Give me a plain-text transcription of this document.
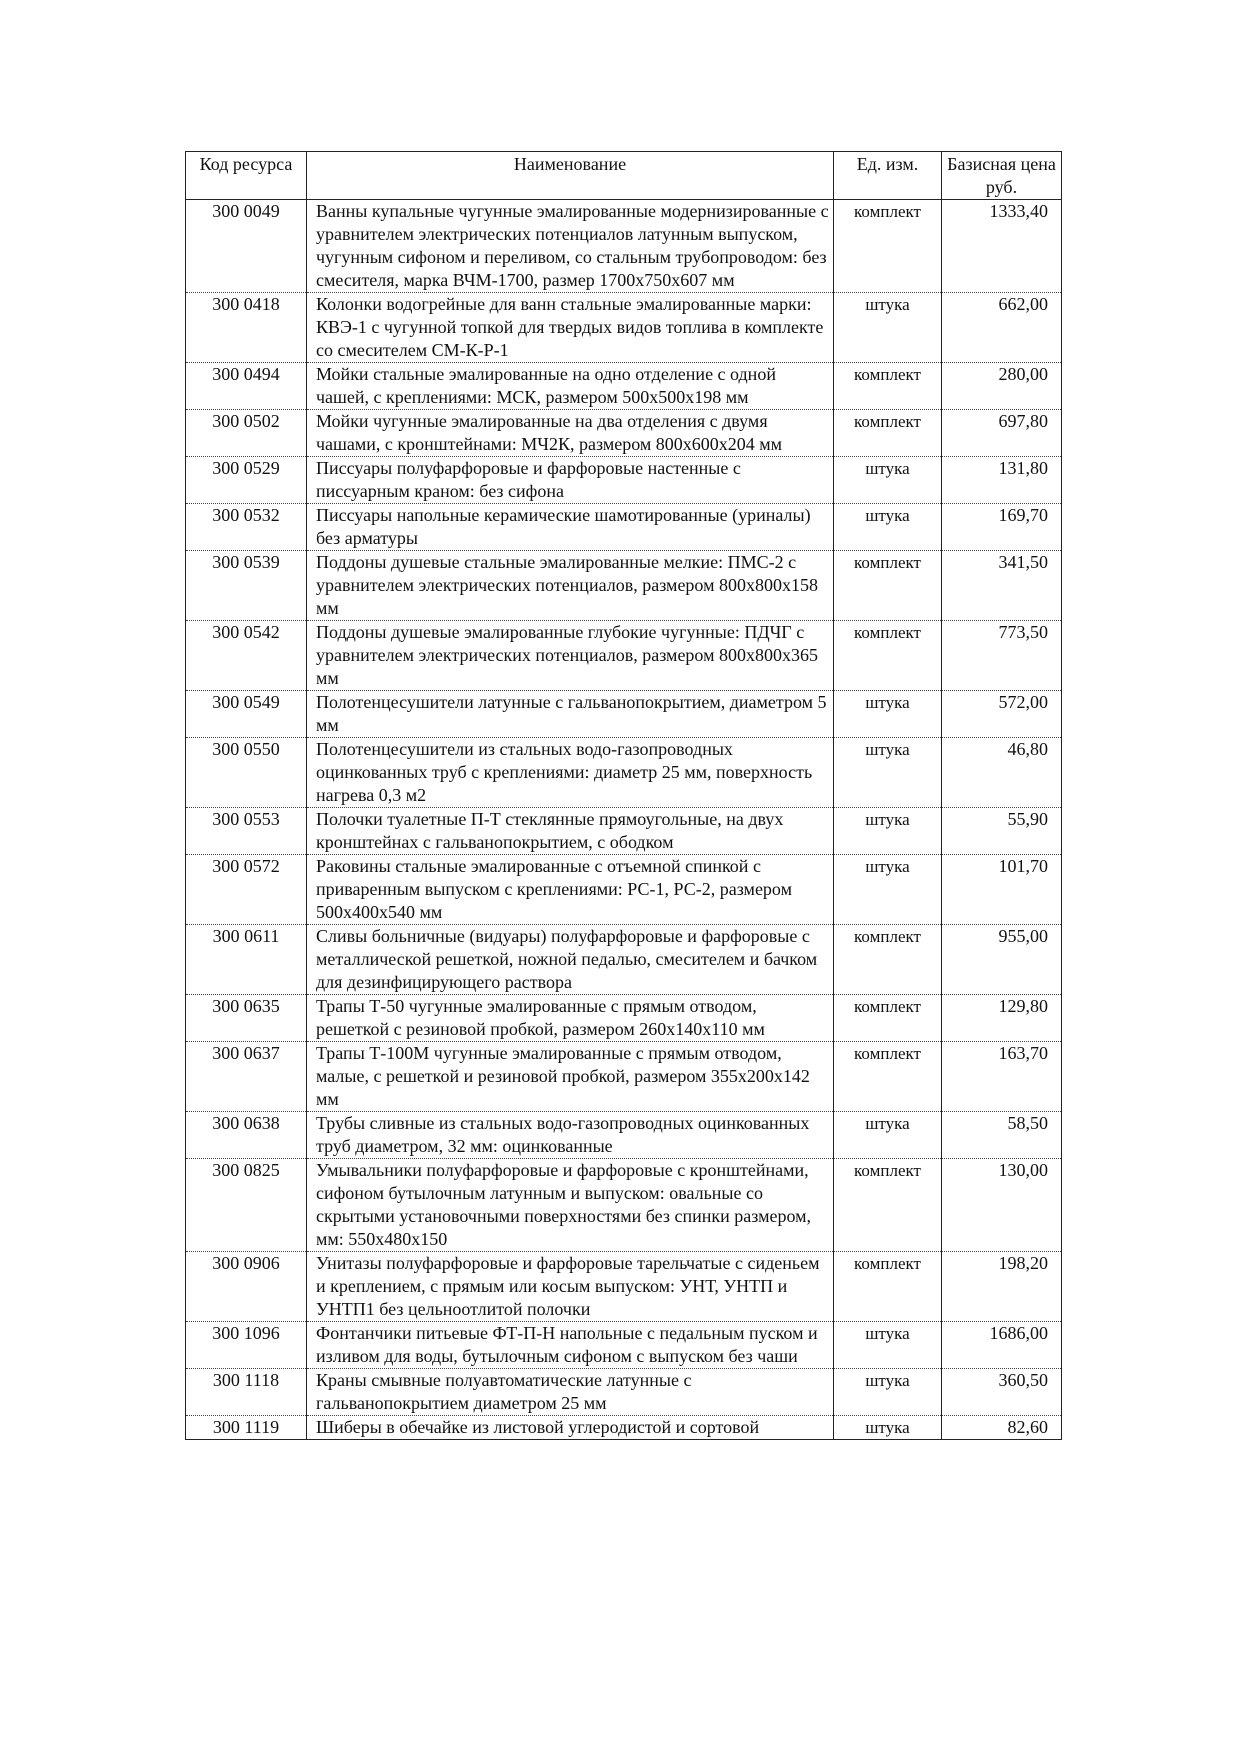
Код ресурса	Наименование	Ед. изм.	Базисная цена руб.
300 0049	Ванны купальные чугунные эмалированные модернизированные с уравнителем электрических потенциалов латунным выпуском, чугунным сифоном и переливом, со стальным трубопроводом: без смесителя, марка ВЧМ-1700, размер 1700х750х607 мм	комплект	1333,40
300 0418	Колонки водогрейные для ванн стальные эмалированные марки: КВЭ-1 с чугунной топкой для твердых видов топлива в комплекте со смесителем СМ-К-Р-1	штука	662,00
300 0494	Мойки стальные эмалированные на одно отделение с одной чашей, с креплениями: МСК, размером 500х500х198 мм	комплект	280,00
300 0502	Мойки чугунные эмалированные на два отделения с двумя чашами, с кронштейнами: МЧ2К, размером 800х600х204 мм	комплект	697,80
300 0529	Писсуары полуфарфоровые и фарфоровые настенные с писсуарным краном: без сифона	штука	131,80
300 0532	Писсуары напольные керамические шамотированные (уриналы) без арматуры	штука	169,70
300 0539	Поддоны душевые стальные эмалированные мелкие: ПМС-2 с уравнителем электрических потенциалов, размером 800х800х158 мм	комплект	341,50
300 0542	Поддоны душевые эмалированные глубокие чугунные: ПДЧГ с уравнителем электрических потенциалов, размером 800х800х365 мм	комплект	773,50
300 0549	Полотенцесушители латунные с гальванопокрытием, диаметром 5 мм	штука	572,00
300 0550	Полотенцесушители из стальных водо-газопроводных оцинкованных труб с креплениями: диаметр 25 мм, поверхность нагрева 0,3 м2	штука	46,80
300 0553	Полочки туалетные П-Т стеклянные прямоугольные, на двух кронштейнах с гальванопокрытием, с ободком	штука	55,90
300 0572	Раковины стальные эмалированные с отъемной спинкой с приваренным выпуском с креплениями: РС-1, РС-2, размером 500х400х540 мм	штука	101,70
300 0611	Сливы больничные (видуары) полуфарфоровые и фарфоровые с металлической решеткой, ножной педалью, смесителем и бачком для дезинфицирующего раствора	комплект	955,00
300 0635	Трапы Т-50 чугунные эмалированные с прямым отводом, решеткой с резиновой пробкой, размером 260х140х110 мм	комплект	129,80
300 0637	Трапы Т-100М чугунные эмалированные с прямым отводом, малые, с решеткой и резиновой пробкой, размером 355х200х142 мм	комплект	163,70
300 0638	Трубы сливные из стальных водо-газопроводных оцинкованных труб диаметром, 32 мм: оцинкованные	штука	58,50
300 0825	Умывальники полуфарфоровые и фарфоровые с кронштейнами, сифоном бутылочным латунным и выпуском: овальные со скрытыми установочными поверхностями без спинки размером, мм: 550х480х150	комплект	130,00
300 0906	Унитазы полуфарфоровые и фарфоровые тарельчатые с сиденьем и креплением, с прямым или косым выпуском: УНТ, УНТП и УНТП1 без цельноотлитой полочки	комплект	198,20
300 1096	Фонтанчики питьевые ФТ-П-Н напольные с педальным пуском и изливом для воды, бутылочным сифоном с выпуском без чаши	штука	1686,00
300 1118	Краны смывные полуавтоматические латунные с гальванопокрытием диаметром 25 мм	штука	360,50
300 1119	Шиберы в обечайке из листовой углеродистой и сортовой	штука	82,60
